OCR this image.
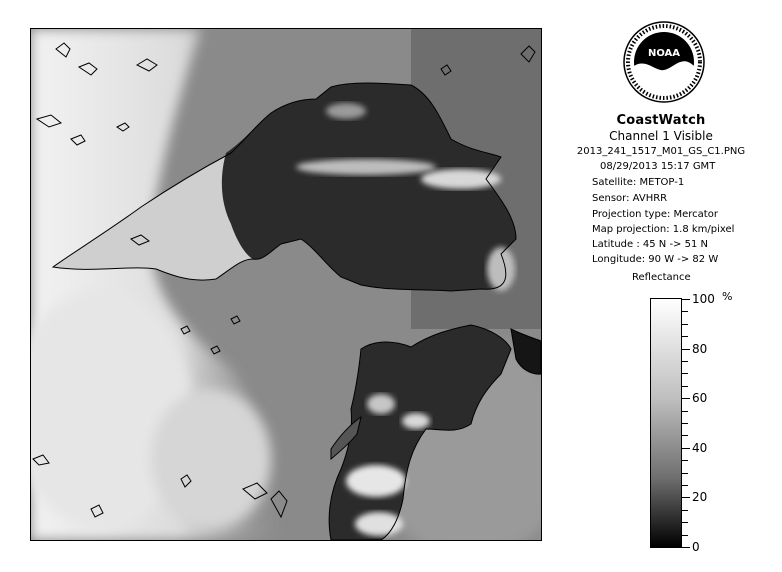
NOAA
CoastWatch
Channel 1 Visible
2013_241_1517_M01_GS_C1.PNG
08/29/2013 15:17 GMT
Satellite: METOP-1
Sensor: AVHRR
Projection type: Mercator
Map projection: 1.8 km/pixel
Latitude : 45 N -> 51 N
Longitude: 90 W -> 82 W
Reflectance
%
100
80
60
40
20
0
